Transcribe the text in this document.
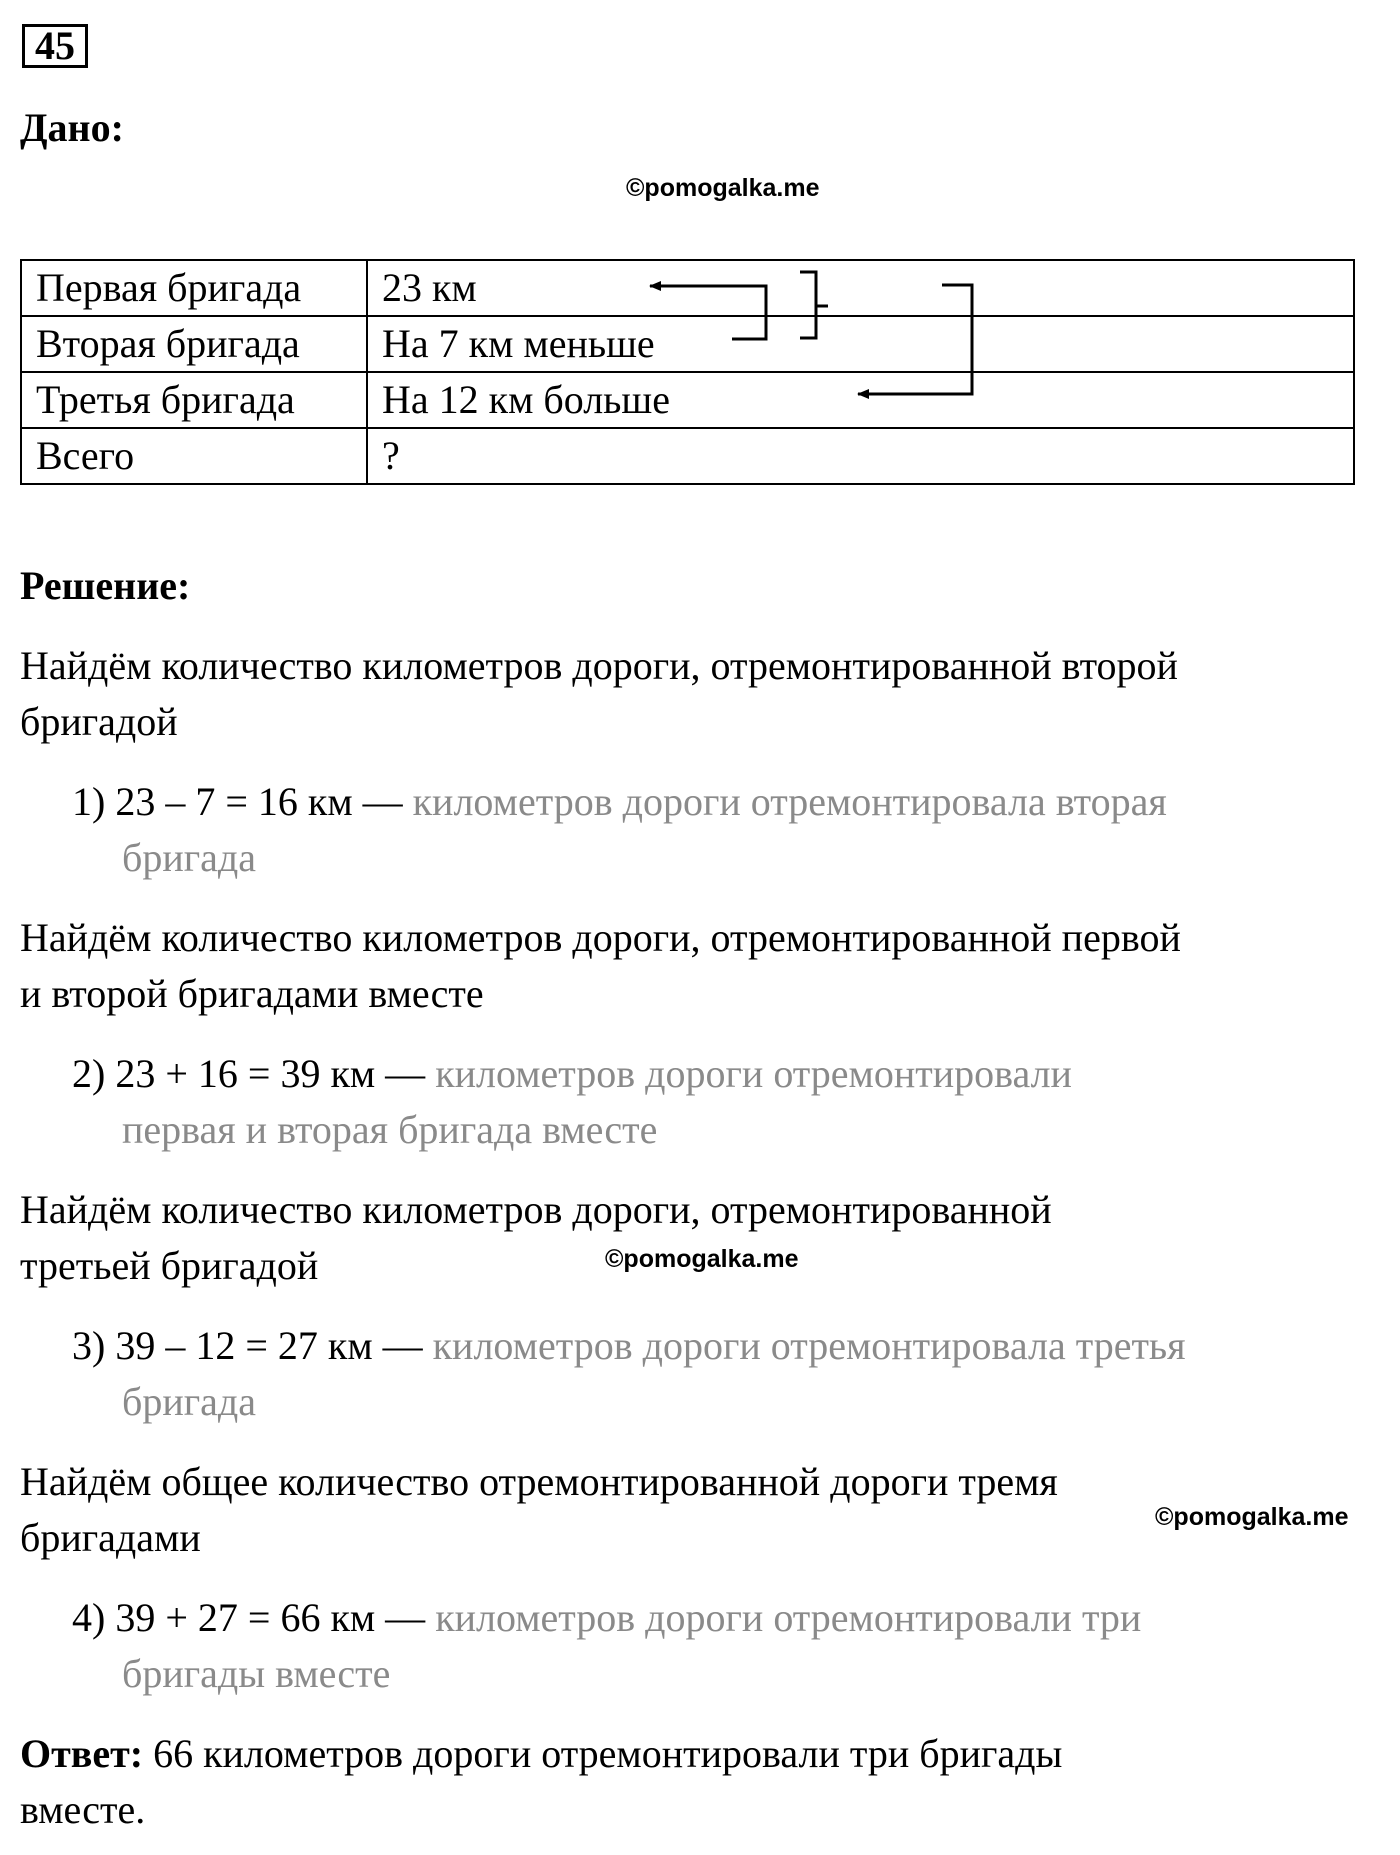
45
Дано:
©pomogalka.me
Первая бригада	23 км
Вторая бригада	На 7 км меньше
Третья бригада	На 12 км больше
Всего	?
Решение:
Найдём количество километров дороги, отремонтированной второй
бригадой
1) 23 – 7 = 16 км — километров дороги отремонтировала вторая
бригада
Найдём количество километров дороги, отремонтированной первой
и второй бригадами вместе
2) 23 + 16 = 39 км — километров дороги отремонтировали
первая и вторая бригада вместе
Найдём количество километров дороги, отремонтированной
третьей бригадой	©pomogalka.me
3) 39 – 12 = 27 км — километров дороги отремонтировала третья
бригада
Найдём общее количество отремонтированной дороги тремя
бригадами	©pomogalka.me
4) 39 + 27 = 66 км — километров дороги отремонтировали три
бригады вместе
Ответ: 66 километров дороги отремонтировали три бригады
вместе.
